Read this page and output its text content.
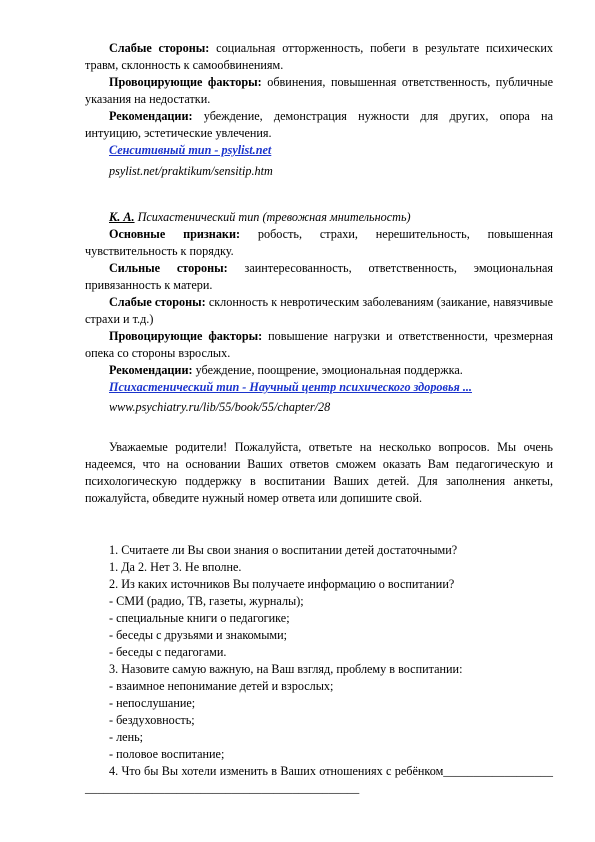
Слабые стороны: социальная отторженность, побеги в результате психических травм, склонность к самообвинениям.

Провоцирующие факторы: обвинения, повышенная ответственность, публичные указания на недостатки.

Рекомендации: убеждение, демонстрация нужности для других, опора на интуицию, эстетические увлечения.

Сенситивный тип - psylist.net

psylist.net/praktikum/sensitip.htm

К. А. Психастенический тип (тревожная мнительность)

Основные признаки: робость, страхи, нерешительность, повышенная чувствительность к порядку.

Сильные стороны: заинтересованность, ответственность, эмоциональная привязанность к матери.

Слабые стороны: склонность к невротическим заболеваниям (заикание, навязчивые страхи и т.д.)

Провоцирующие факторы: повышение нагрузки и ответственности, чрезмерная опека со стороны взрослых.

Рекомендации: убеждение, поощрение, эмоциональная поддержка.

Психастенический тип - Научный центр психического здоровья ...

www.psychiatry.ru/lib/55/book/55/chapter/28

Уважаемые родители! Пожалуйста, ответьте на несколько вопросов. Мы очень надеемся, что на основании Ваших ответов сможем оказать Вам педагогическую и психологическую поддержку в воспитании Ваших детей. Для заполнения анкеты, пожалуйста, обведите нужный номер ответа или допишите свой.

1. Считаете ли Вы свои знания о воспитании детей достаточными?

1. Да 2. Нет 3. Не вполне.

2. Из каких источников Вы получаете информацию о воспитании?

- СМИ (радио, ТВ, газеты, журналы);

- специальные книги о педагогике;

- беседы с друзьями и знакомыми;

- беседы с педагогами.

3. Назовите самую важную, на Ваш взгляд, проблему в воспитании:

- взаимное непонимание детей и взрослых;

- непослушание;

- бездуховность;

- лень;

- половое воспитание;

4. Что бы Вы хотели изменить в Ваших отношениях с ребёнком_______________________________________________________________
